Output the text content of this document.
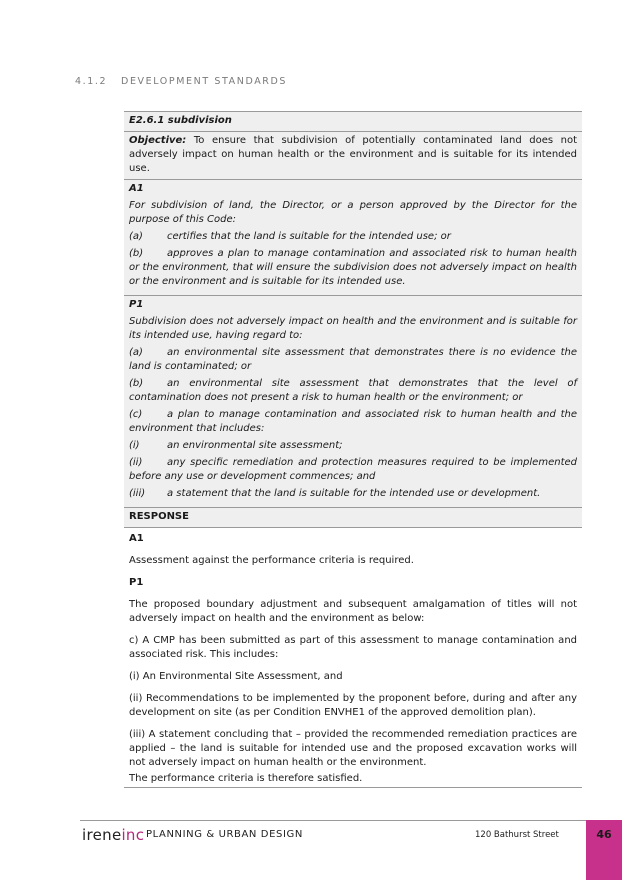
4.1.2   DEVELOPMENT STANDARDS
E2.6.1 subdivision
Objective: To ensure that subdivision of potentially contaminated land does not adversely impact on human health or the environment and is suitable for its intended use.
A1
For subdivision of land, the Director, or a person approved by the Director for the purpose of this Code:
(a)	certifies that the land is suitable for the intended use; or
(b) approves a plan to manage contamination and associated risk to human health or the environment, that will ensure the subdivision does not adversely impact on health or the environment and is suitable for its intended use.
P1
Subdivision does not adversely impact on health and the environment and is suitable for its intended use, having regard to:
(a) an environmental site assessment that demonstrates there is no evidence the land is contaminated; or
(b) an environmental site assessment that demonstrates that the level of contamination does not present a risk to human health or the environment; or
(c) a plan to manage contamination and associated risk to human health and the environment that includes:
(i)	an environmental site assessment;
(ii) any specific remediation and protection measures required to be implemented before any use or development commences; and
(iii)	a statement that the land is suitable for the intended use or development.
RESPONSE

A1

Assessment against the performance criteria is required.

P1

The proposed boundary adjustment and subsequent amalgamation of titles will not adversely impact on health and the environment as below:

c) A CMP has been submitted as part of this assessment to manage contamination and associated risk. This includes:

(i) An Environmental Site Assessment, and

(ii) Recommendations to be implemented by the proponent before, during and after any development on site (as per Condition ENVHE1 of the approved demolition plan).

(iii) A statement concluding that – provided the recommended remediation practices are applied – the land is suitable for intended use and the proposed excavation works will not adversely impact on human health or the environment.

The performance criteria is therefore satisfied.

ireneinc PLANNING & URBAN DESIGN	120 Bathurst Street	46
